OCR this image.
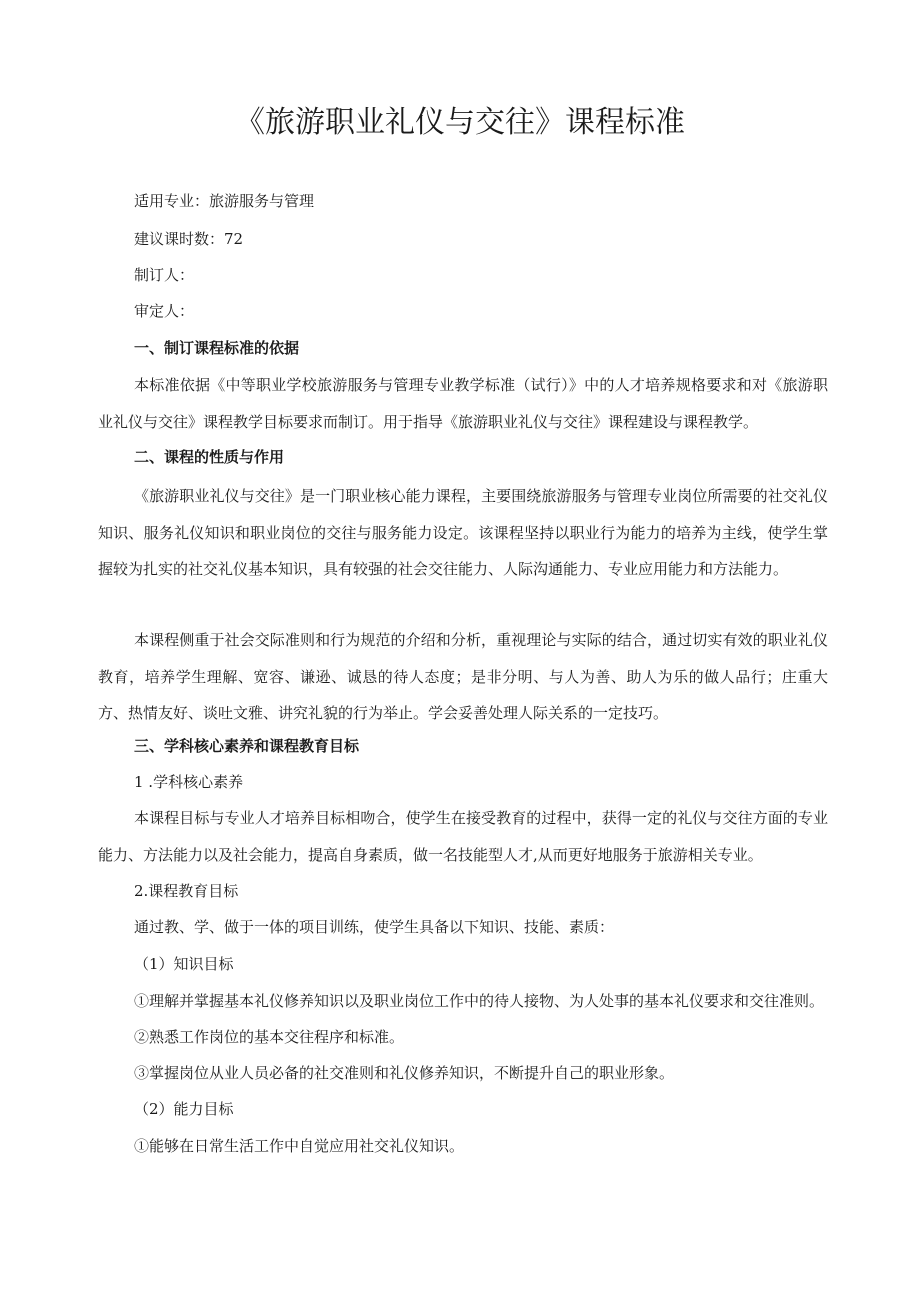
《旅游职业礼仪与交往》课程标准

适用专业：旅游服务与管理

建议课时数：72

制订人：

审定人：

一、制订课程标准的依据

本标准依据《中等职业学校旅游服务与管理专业教学标准（试行）》中的人才培养规格要求和对《旅游职业礼仪与交往》课程教学目标要求而制订。用于指导《旅游职业礼仪与交往》课程建设与课程教学。

二、课程的性质与作用

《旅游职业礼仪与交往》是一门职业核心能力课程，主要围绕旅游服务与管理专业岗位所需要的社交礼仪知识、服务礼仪知识和职业岗位的交往与服务能力设定。该课程坚持以职业行为能力的培养为主线，使学生掌握较为扎实的社交礼仪基本知识，具有较强的社会交往能力、人际沟通能力、专业应用能力和方法能力。

本课程侧重于社会交际准则和行为规范的介绍和分析，重视理论与实际的结合，通过切实有效的职业礼仪教育，培养学生理解、宽容、谦逊、诚恳的待人态度；是非分明、与人为善、助人为乐的做人品行；庄重大方、热情友好、谈吐文雅、讲究礼貌的行为举止。学会妥善处理人际关系的一定技巧。

三、学科核心素养和课程教育目标

1 .学科核心素养

本课程目标与专业人才培养目标相吻合，使学生在接受教育的过程中，获得一定的礼仪与交往方面的专业能力、方法能力以及社会能力，提高自身素质，做一名技能型人才,从而更好地服务于旅游相关专业。

2.课程教育目标

通过教、学、做于一体的项目训练，使学生具备以下知识、技能、素质：

（1）知识目标

①理解并掌握基本礼仪修养知识以及职业岗位工作中的待人接物、为人处事的基本礼仪要求和交往准则。

②熟悉工作岗位的基本交往程序和标准。

③掌握岗位从业人员必备的社交准则和礼仪修养知识，不断提升自己的职业形象。

（2）能力目标

①能够在日常生活工作中自觉应用社交礼仪知识。
